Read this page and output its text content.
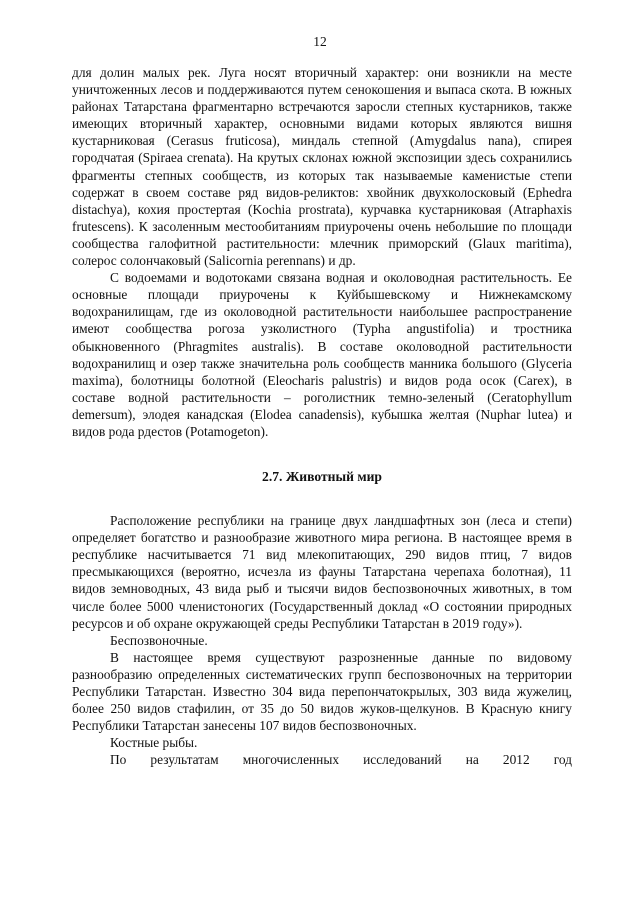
12

для долин малых рек. Луга носят вторичный характер: они возникли на месте уничтоженных лесов и поддерживаются путем сенокошения и выпаса скота. В южных районах Татарстана фрагментарно встречаются заросли степных кустарников, также имеющих вторичный характер, основными видами которых являются вишня кустарниковая (Cerasus fruticosa), миндаль степной (Amygdalus nana), спирея городчатая (Spiraea crenata). На крутых склонах южной экспозиции здесь сохранились фрагменты степных сообществ, из которых так называемые каменистые степи содержат в своем составе ряд видов-реликтов: хвойник двухколосковый (Ephedra distachya), кохия простертая (Kochia prostrata), курчавка кустарниковая (Atraphaxis frutescens). К засоленным местообитаниям приурочены очень небольшие по площади сообщества галофитной растительности: млечник приморский (Glaux maritima), солерос солончаковый (Salicornia perennans) и др.

С водоемами и водотоками связана водная и околоводная растительность. Ее основные площади приурочены к Куйбышевскому и Нижнекамскому водохранилищам, где из околоводной растительности наибольшее распространение имеют сообщества рогоза узколистного (Typha angustifolia) и тростника обыкновенного (Phragmites australis). В составе околоводной растительности водохранилищ и озер также значительна роль сообществ манника большого (Glyceria maxima), болотницы болотной (Eleocharis palustris) и видов рода осок (Carex), в составе водной растительности – роголистник темно-зеленый (Ceratophyllum demersum), элодея канадская (Elodea canadensis), кубышка желтая (Nuphar lutea) и видов рода рдестов (Potamogeton).

2.7. Животный мир

Расположение республики на границе двух ландшафтных зон (леса и степи) определяет богатство и разнообразие животного мира региона. В настоящее время в республике насчитывается 71 вид млекопитающих, 290 видов птиц, 7 видов пресмыкающихся (вероятно, исчезла из фауны Татарстана черепаха болотная), 11 видов земноводных, 43 вида рыб и тысячи видов беспозвоночных животных, в том числе более 5000 членистоногих (Государственный доклад «О состоянии природных ресурсов и об охране окружающей среды Республики Татарстан в 2019 году»).

Беспозвоночные.

В настоящее время существуют разрозненные данные по видовому разнообразию определенных систематических групп беспозвоночных на территории Республики Татарстан. Известно 304 вида перепончатокрылых, 303 вида жужелиц, более 250 видов стафилин, от 35 до 50 видов жуков-щелкунов. В Красную книгу Республики Татарстан занесены 107 видов беспозвоночных.

Костные рыбы.

По результатам многочисленных исследований на 2012 год
